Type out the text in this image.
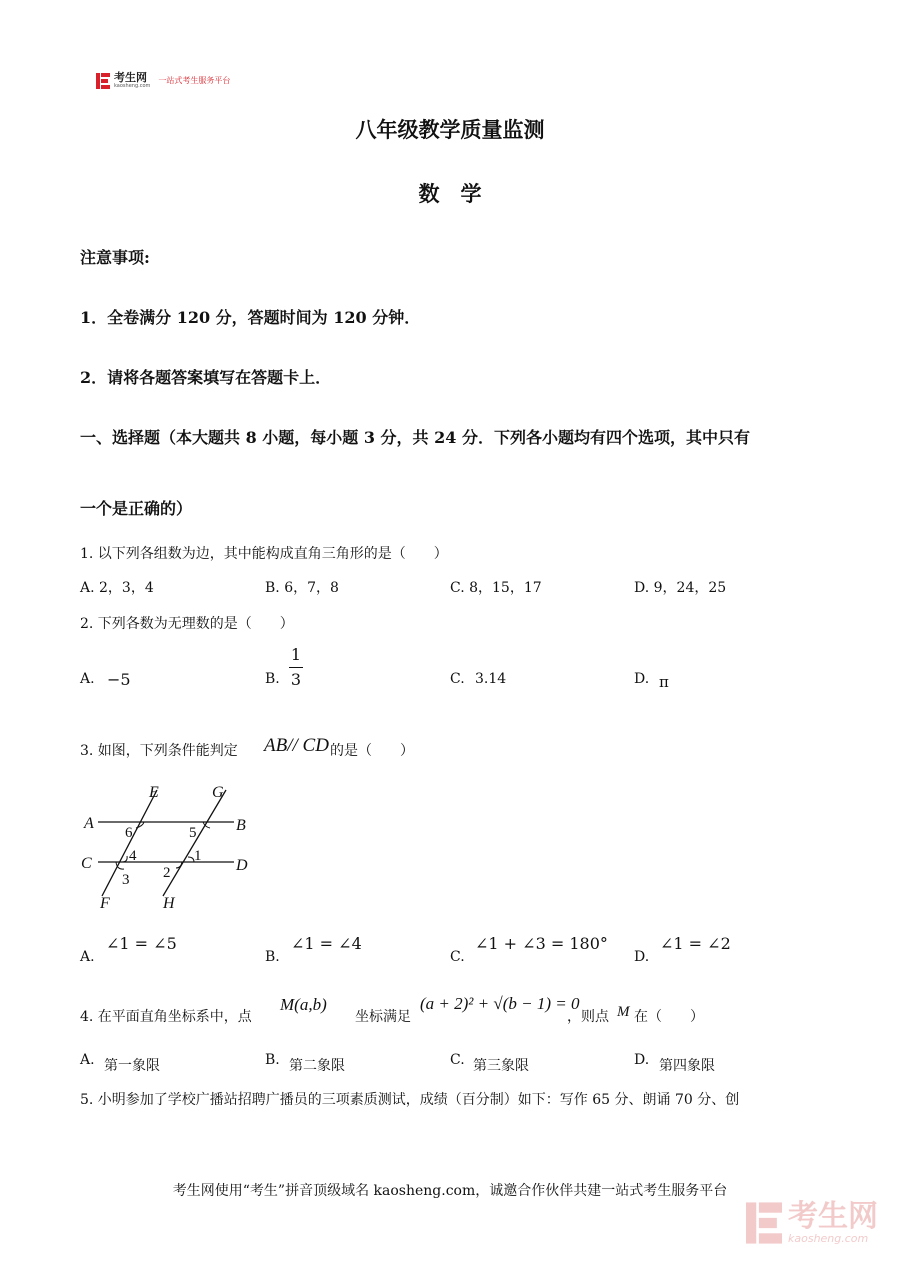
考生网
kaosheng.com
一站式考生服务平台
八年级教学质量监测
数　学
注意事项:
1．全卷满分 120 分，答题时间为 120 分钟．
2．请将各题答案填写在答题卡上．
一、选择题（本大题共 8 小题，每小题 3 分，共 24 分．下列各小题均有四个选项，其中只有
一个是正确的）
1. 以下列各组数为边，其中能构成直角三角形的是（　　）
A. 2，3，4	B. 6，7，8	C. 8，15，17	D. 9，24，25
2. 下列各数为无理数的是（　　）
A. −5	B.
1
3	C. 3.14	D. π
3. 如图，下列条件能判定 AB// CD 的是（　　）
E	G
A	B
C	D
F	H
6	5
4	1
3 2
A.
∠1 = ∠5
B.
∠1 = ∠4
C.
∠1 + ∠3 = 180°
D.
∠1 = ∠2
4. 在平面直角坐标系中，点
M(a,b)
坐标满足
(a + 2)² + √(b − 1) = 0
，则点 M 在（　　）
A. 第一象限	B. 第二象限	C. 第三象限	D. 第四象限
5. 小明参加了学校广播站招聘广播员的三项素质测试，成绩（百分制）如下：写作 65 分、朗诵 70 分、创
考生网使用“考生”拼音顶级域名 kaosheng.com，诚邀合作伙伴共建一站式考生服务平台
考生网
kaosheng.com
